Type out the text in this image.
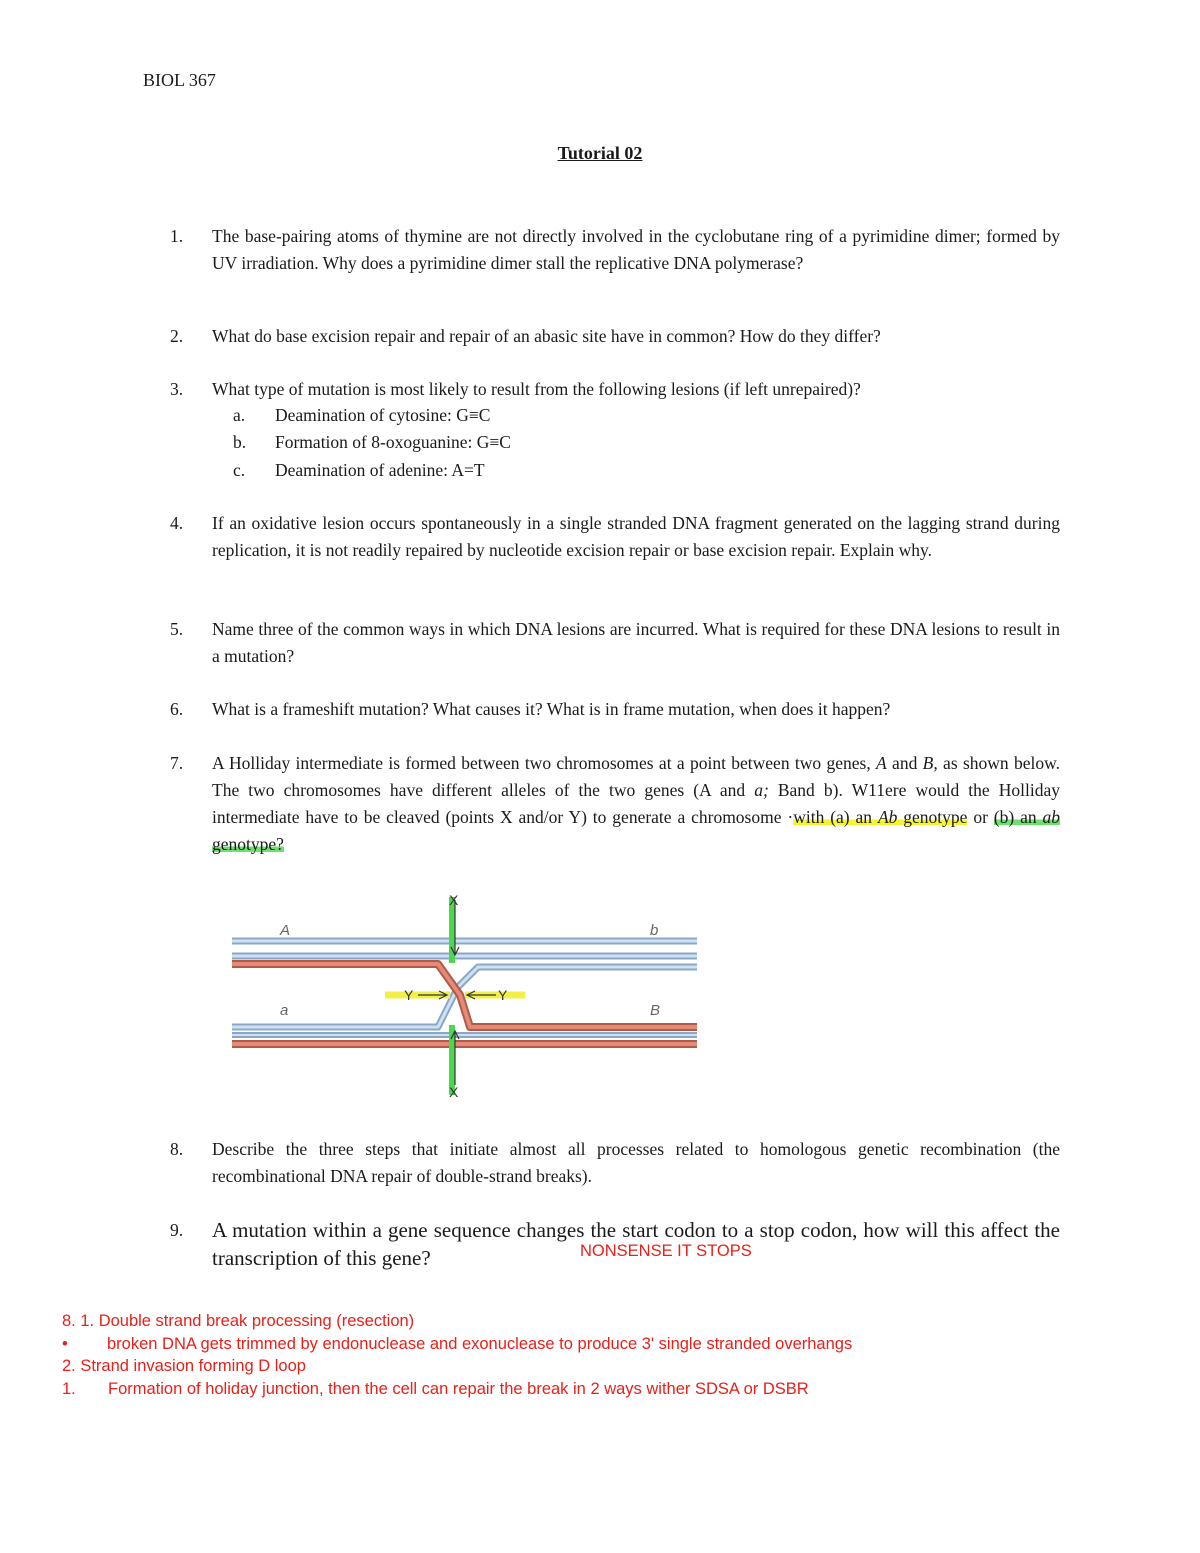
BIOL 367
Tutorial 02
1.	The base-pairing atoms of thymine are not directly involved in the cyclobutane ring of a pyrimidine dimer; formed by UV irradiation. Why does a pyrimidine dimer stall the replicative DNA polymerase?
2.	What do base excision repair and repair of an abasic site have in common? How do they differ?
3.	What type of mutation is most likely to result from the following lesions (if left unrepaired)?
a. Deamination of cytosine: G≡C
b. Formation of 8-oxoguanine: G≡C
c. Deamination of adenine: A=T
4.	If an oxidative lesion occurs spontaneously in a single stranded DNA fragment generated on the lagging strand during replication, it is not readily repaired by nucleotide excision repair or base excision repair. Explain why.
5.	Name three of the common ways in which DNA lesions are incurred. What is required for these DNA lesions to result in a mutation?
6.	What is a frameshift mutation? What causes it? What is in frame mutation, when does it happen?
7.	A Holliday intermediate is formed between two chromosomes at a point between two genes, A and B, as shown below. The two chromosomes have different alleles of the two genes (A and a; Band b). W11ere would the Holliday intermediate have to be cleaved (points X and/or Y) to generate a chromosome ·with (a) an Ab genotype or (b) an ab genotype?
A	b
a	B
X
X
Y	Y
8.	Describe the three steps that initiate almost all processes related to homologous genetic recombination (the recombinational DNA repair of double-strand breaks).
9.	A mutation within a gene sequence changes the start codon to a stop codon, how will this affect the transcription of this gene?	NONSENSE IT STOPS
8. 1. Double strand break processing (resection)
• broken DNA gets trimmed by endonuclease and exonuclease to produce 3' single stranded overhangs
2. Strand invasion forming D loop
1. Formation of holiday junction, then the cell can repair the break in 2 ways wither SDSA or DSBR
